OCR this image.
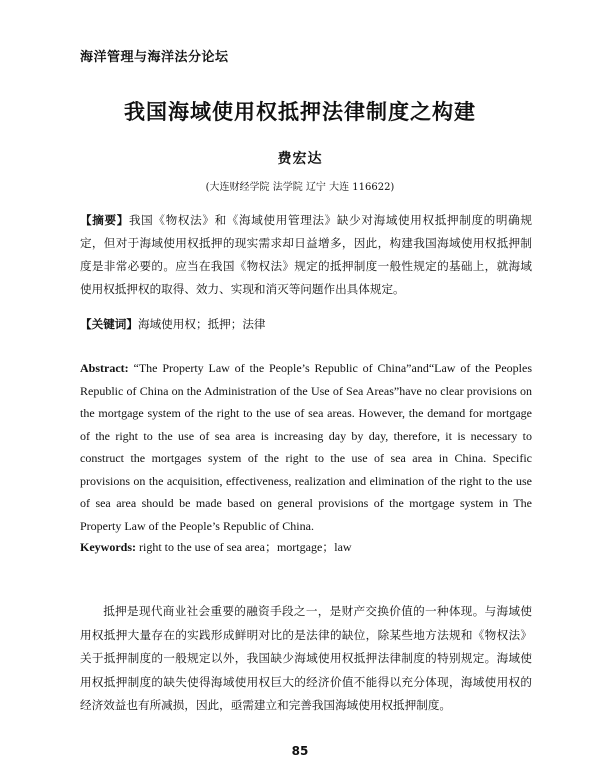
海洋管理与海洋法分论坛
我国海域使用权抵押法律制度之构建
费宏达
(大连财经学院 法学院 辽宁 大连 116622)
【摘要】我国《物权法》和《海域使用管理法》缺少对海域使用权抵押制度的明确规定，但对于海域使用权抵押的现实需求却日益增多，因此，构建我国海域使用权抵押制度是非常必要的。应当在我国《物权法》规定的抵押制度一般性规定的基础上，就海域使用权抵押权的取得、效力、实现和消灭等问题作出具体规定。
【关键词】海域使用权；抵押；法律
Abstract: “The Property Law of the People’s Republic of China”and“Law of the Peoples Republic of China on the Administration of the Use of Sea Areas”have no clear provisions on the mortgage system of the right to the use of sea areas. However, the demand for mortgage of the right to the use of sea area is increasing day by day, therefore, it is necessary to construct the mortgages system of the right to the use of sea area in China. Specific provisions on the acquisition, effectiveness, realization and elimination of the right to the use of sea area should be made based on general provisions of the mortgage system in The Property Law of the People’s Republic of China.
Keywords: right to the use of sea area；mortgage；law
抵押是现代商业社会重要的融资手段之一，是财产交换价值的一种体现。与海域使用权抵押大量存在的实践形成鲜明对比的是法律的缺位，除某些地方法规和《物权法》关于抵押制度的一般规定以外，我国缺少海域使用权抵押法律制度的特别规定。海域使用权抵押制度的缺失使得海域使用权巨大的经济价值不能得以充分体现，海域使用权的经济效益也有所减损，因此，亟需建立和完善我国海域使用权抵押制度。
85
